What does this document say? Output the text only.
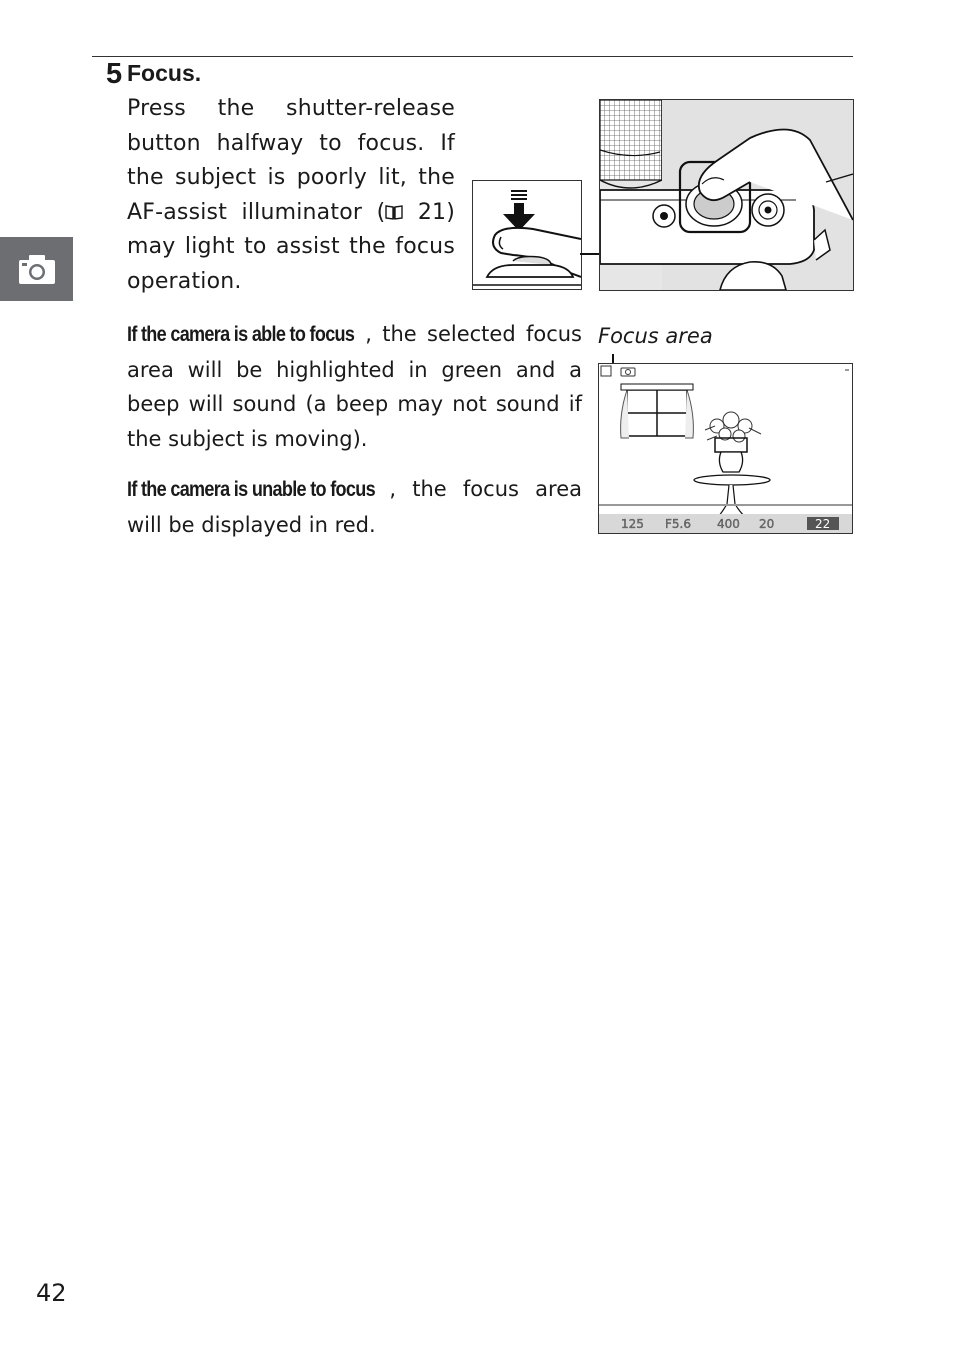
5 Focus.
Press the shutter-release button halfway to focus. If the subject is poorly lit, the AF-assist illuminator ( 21) may light to assist the focus operation.
If the camera is able to focus , the selected focus area will be highlighted in green and a beep will sound (a beep may not sound if the subject is moving).
If the camera is unable to focus , the focus area will be displayed in red.
Focus area
125 F5.6 400 20	22
42
